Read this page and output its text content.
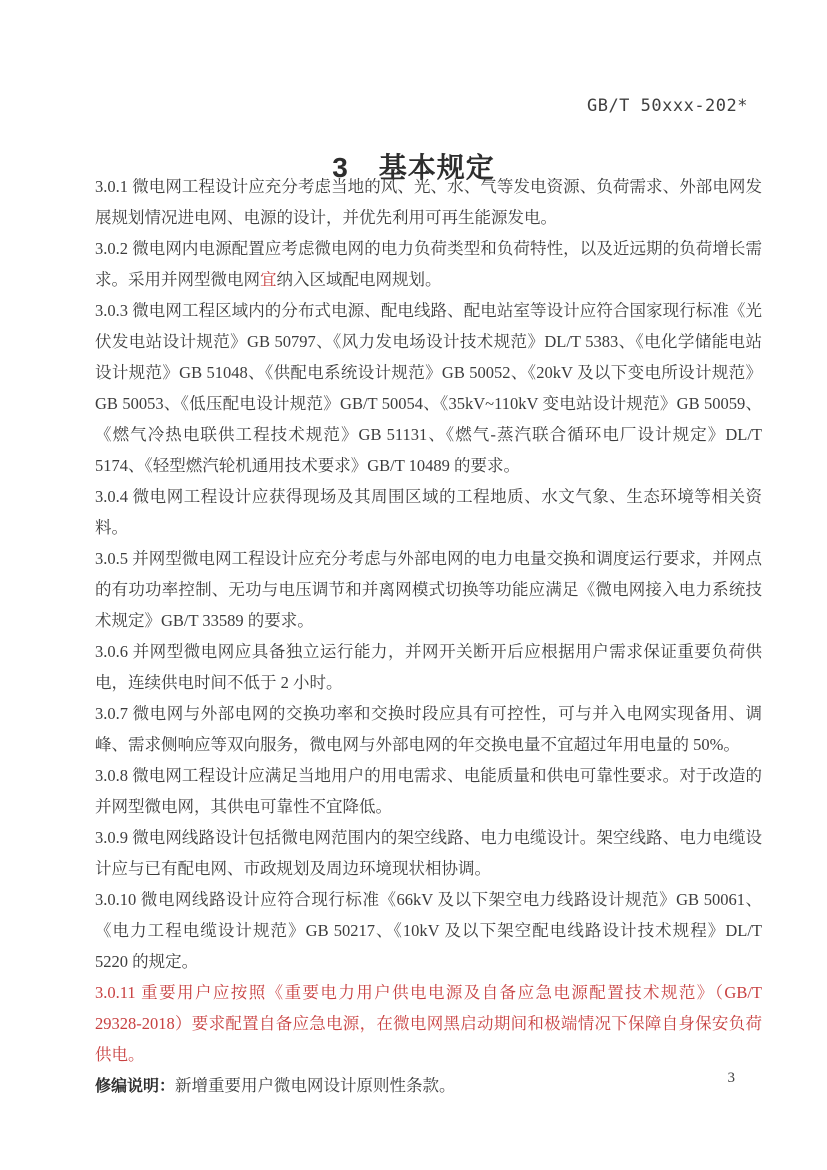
GB/T 50xxx-202*
3 基本规定

3.0.1 微电网工程设计应充分考虑当地的风、光、水、气等发电资源、负荷需求、外部电网发展规划情况进电网、电源的设计，并优先利用可再生能源发电。

3.0.2 微电网内电源配置应考虑微电网的电力负荷类型和负荷特性，以及近远期的负荷增长需求。采用并网型微电网宜纳入区域配电网规划。

3.0.3 微电网工程区域内的分布式电源、配电线路、配电站室等设计应符合国家现行标准《光伏发电站设计规范》GB 50797、《风力发电场设计技术规范》DL/T 5383、《电化学储能电站设计规范》GB 51048、《供配电系统设计规范》GB 50052、《20kV 及以下变电所设计规范》GB 50053、《低压配电设计规范》GB/T 50054、《35kV~110kV 变电站设计规范》GB 50059、《燃气冷热电联供工程技术规范》GB 51131、《燃气-蒸汽联合循环电厂设计规定》DL/T 5174、《轻型燃汽轮机通用技术要求》GB/T 10489 的要求。

3.0.4 微电网工程设计应获得现场及其周围区域的工程地质、水文气象、生态环境等相关资料。

3.0.5 并网型微电网工程设计应充分考虑与外部电网的电力电量交换和调度运行要求，并网点的有功功率控制、无功与电压调节和并离网模式切换等功能应满足《微电网接入电力系统技术规定》GB/T 33589 的要求。

3.0.6 并网型微电网应具备独立运行能力，并网开关断开后应根据用户需求保证重要负荷供电，连续供电时间不低于 2 小时。

3.0.7 微电网与外部电网的交换功率和交换时段应具有可控性，可与并入电网实现备用、调峰、需求侧响应等双向服务，微电网与外部电网的年交换电量不宜超过年用电量的 50%。

3.0.8 微电网工程设计应满足当地用户的用电需求、电能质量和供电可靠性要求。对于改造的并网型微电网，其供电可靠性不宜降低。

3.0.9 微电网线路设计包括微电网范围内的架空线路、电力电缆设计。架空线路、电力电缆设计应与已有配电网、市政规划及周边环境现状相协调。

3.0.10 微电网线路设计应符合现行标准《66kV 及以下架空电力线路设计规范》GB 50061、《电力工程电缆设计规范》GB 50217、《10kV 及以下架空配电线路设计技术规程》DL/T 5220 的规定。

3.0.11 重要用户应按照《重要电力用户供电电源及自备应急电源配置技术规范》（GB/T 29328-2018）要求配置自备应急电源，在微电网黑启动期间和极端情况下保障自身保安负荷供电。

修编说明：新增重要用户微电网设计原则性条款。	3
